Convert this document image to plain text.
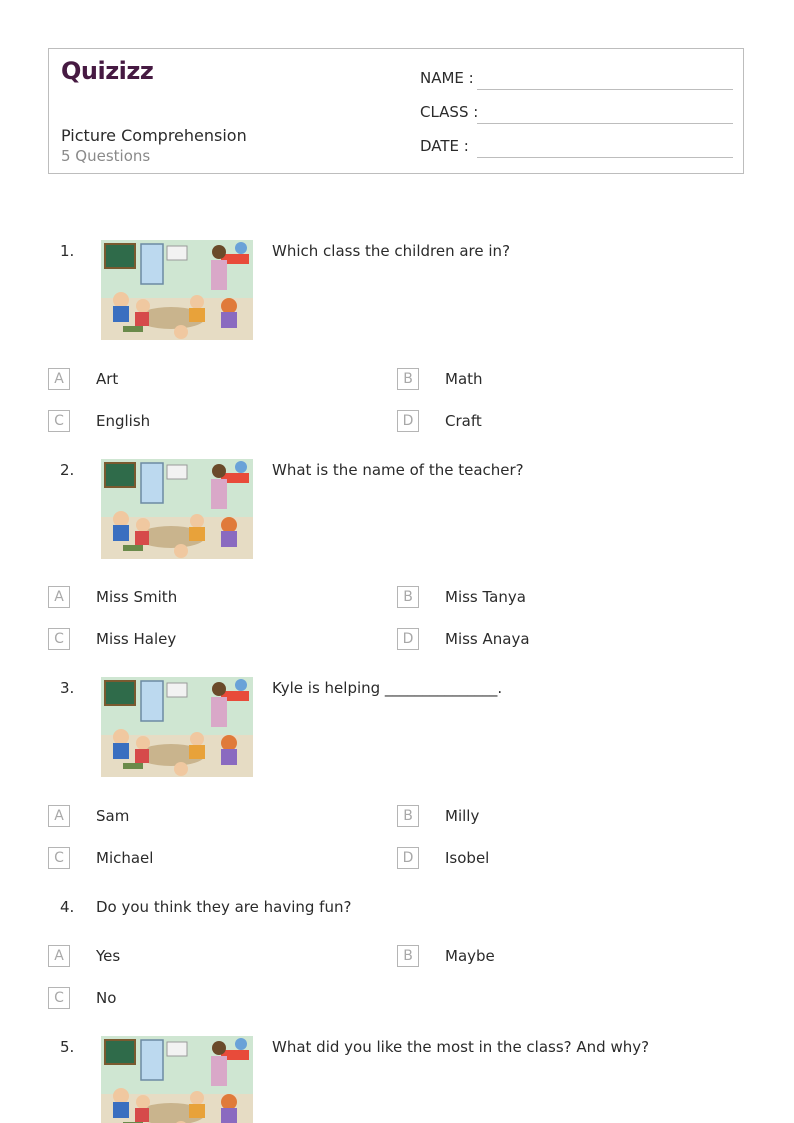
Quizizz
Picture Comprehension
5 Questions
NAME :
CLASS :
DATE :
1.	Which class the children are in?
A	Art	B	Math
C	English	D	Craft
2.	What is the name of the teacher?
A	Miss Smith	B	Miss Tanya
C	Miss Haley	D	Miss Anaya
3.	Kyle is helping _______________.
A	Sam	B	Milly
C	Michael	D	Isobel
4. Do you think they are having fun?
A	Yes	B	Maybe
C	No
5.	What did you like the most in the class? And why?
